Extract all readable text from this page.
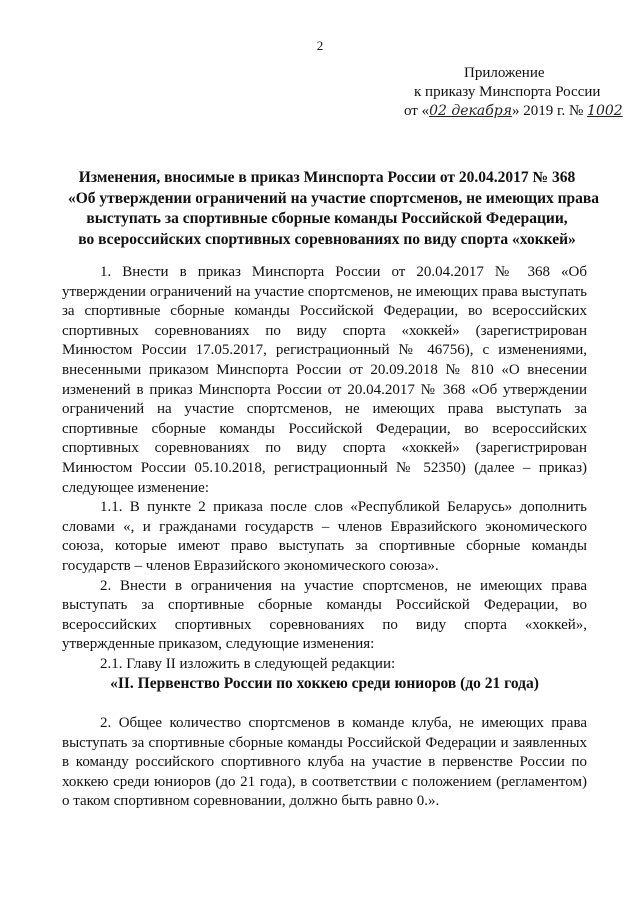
2
Приложение
к приказу Минспорта России
от «02 декабря» 2019 г. № 1002
Изменения, вносимые в приказ Минспорта России от 20.04.2017 № 368
«Об утверждении ограничений на участие спортсменов, не имеющих права
выступать за спортивные сборные команды Российской Федерации,
во всероссийских спортивных соревнованиях по виду спорта «хоккей»

1. Внести в приказ Минспорта России от 20.04.2017 № 368 «Об утверждении ограничений на участие спортсменов, не имеющих права выступать за спортивные сборные команды Российской Федерации, во всероссийских спортивных соревнованиях по виду спорта «хоккей» (зарегистрирован Минюстом России 17.05.2017, регистрационный № 46756), с изменениями, внесенными приказом Минспорта России от 20.09.2018 № 810 «О внесении изменений в приказ Минспорта России от 20.04.2017 № 368 «Об утверждении ограничений на участие спортсменов, не имеющих права выступать за спортивные сборные команды Российской Федерации, во всероссийских спортивных соревнованиях по виду спорта «хоккей» (зарегистрирован Минюстом России 05.10.2018, регистрационный № 52350) (далее – приказ) следующее изменение:

1.1. В пункте 2 приказа после слов «Республикой Беларусь» дополнить словами «, и гражданами государств – членов Евразийского экономического союза, которые имеют право выступать за спортивные сборные команды государств – членов Евразийского экономического союза».

2. Внести в ограничения на участие спортсменов, не имеющих права выступать за спортивные сборные команды Российской Федерации, во всероссийских спортивных соревнованиях по виду спорта «хоккей», утвержденные приказом, следующие изменения:

2.1. Главу II изложить в следующей редакции:

«II. Первенство России по хоккею среди юниоров (до 21 года)

2. Общее количество спортсменов в команде клуба, не имеющих права выступать за спортивные сборные команды Российской Федерации и заявленных в команду российского спортивного клуба на участие в первенстве России по хоккею среди юниоров (до 21 года), в соответствии с положением (регламентом) о таком спортивном соревновании, должно быть равно 0.».
